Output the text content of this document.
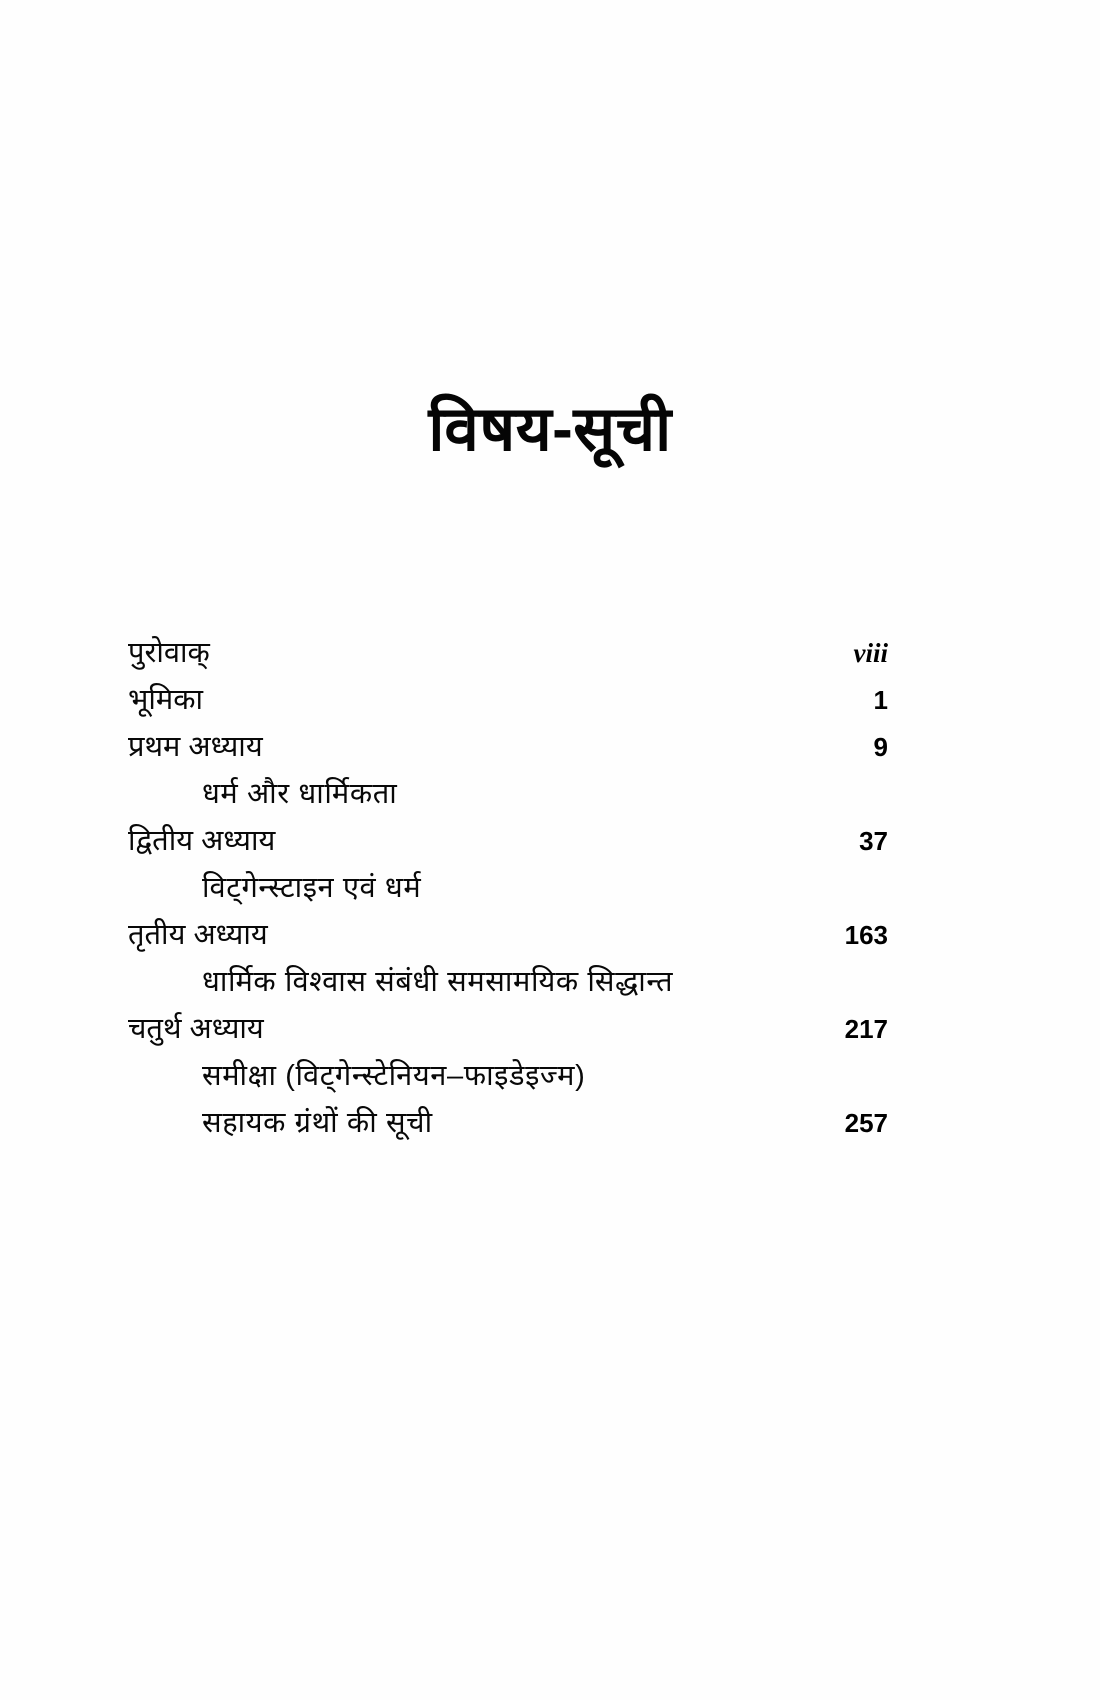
विषय-सूची
पुरोवाक्	viii
भूमिका	1
प्रथम अध्याय	9
धर्म और धार्मिकता
द्वितीय अध्याय	37
विट्गेन्स्टाइन एवं धर्म
तृतीय अध्याय	163
धार्मिक विश्वास संबंधी समसामयिक सिद्धान्त
चतुर्थ अध्याय	217
समीक्षा (विट्गेन्स्टेनियन–फाइडेइज्म)
सहायक ग्रंथों की सूची	257
